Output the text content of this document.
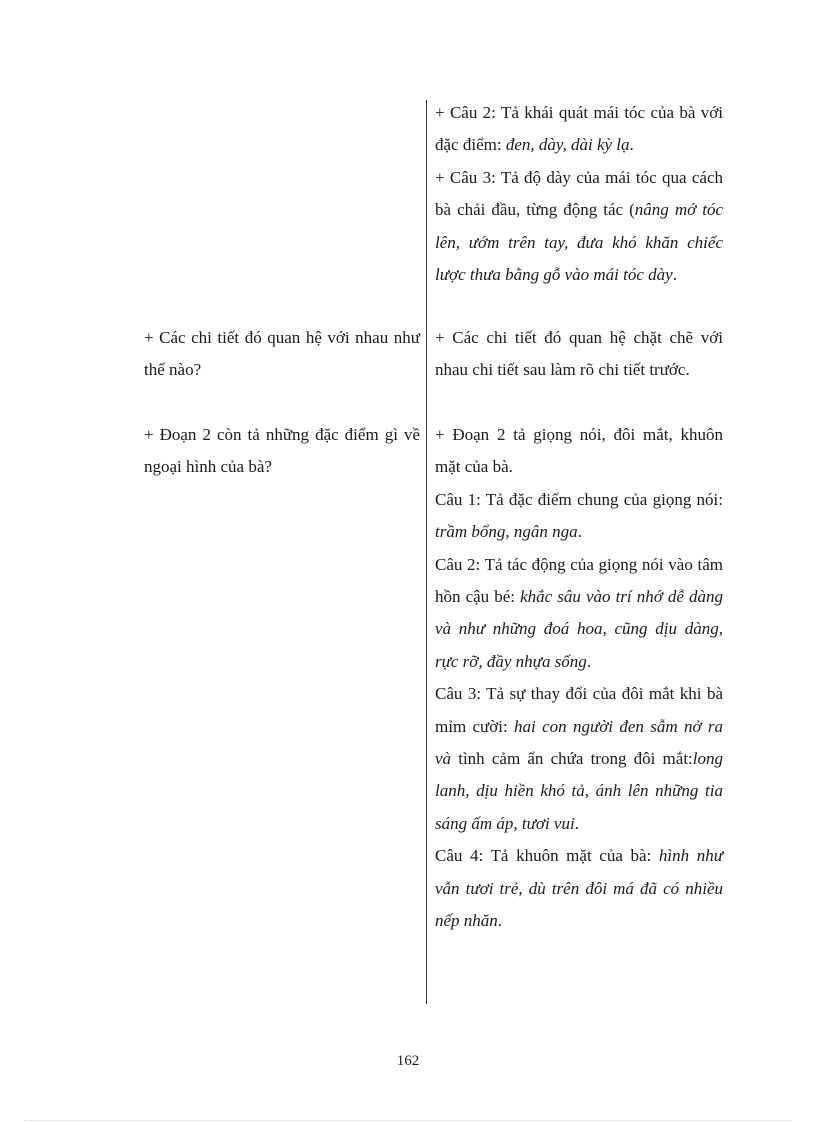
+ Câu 2: Tả khái quát mái tóc của bà với đặc điểm: đen, dày, dài kỳ lạ.

+ Câu 3: Tả độ dày của mái tóc qua cách bà chải đầu, từng động tác (nâng mớ tóc lên, ướm trên tay, đưa khó khăn chiếc lược thưa bằng gỗ vào mái tóc dày.

+ Các chi tiết đó quan hệ với nhau như thế nào?

+ Các chi tiết đó quan hệ chặt chẽ với nhau chi tiết sau làm rõ chi tiết trước.

+ Đoạn 2 còn tả những đặc điểm gì về ngoại hình của bà?

+ Đoạn 2 tả giọng nói, đôi mắt, khuôn mặt của bà.

Câu 1: Tả đặc điểm chung của giọng nói: trầm bổng, ngân nga.

Câu 2: Tả tác động của giọng nói vào tâm hồn cậu bé: khắc sâu vào trí nhớ dễ dàng và như những đoá hoa, cũng dịu dàng, rực rỡ, đầy nhựa sống.

Câu 3: Tả sự thay đổi của đôi mắt khi bà mỉm cười: hai con người đen sẫm nở ra và tình cảm ẩn chứa trong đôi mắt:long lanh, dịu hiền khó tả, ánh lên những tia sáng ấm áp, tươi vui.

Câu 4: Tả khuôn mặt của bà: hình như vẫn tươi trẻ, dù trên đôi má đã có nhiều nếp nhăn.

162
